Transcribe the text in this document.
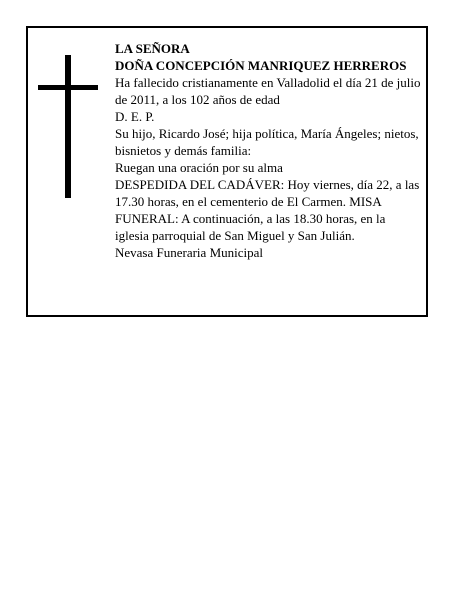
LA SEÑORA

DOÑA CONCEPCIÓN MANRIQUEZ HERREROS

Ha fallecido cristianamente en Valladolid el día 21 de julio de 2011, a los 102 años de edad

D. E. P.

Su hijo, Ricardo José; hija política, María Ángeles; nietos, bisnietos y demás familia:

Ruegan una oración por su alma

DESPEDIDA DEL CADÁVER: Hoy viernes, día 22, a las 17.30 horas, en el cementerio de El Carmen. MISA FUNERAL: A continuación, a las 18.30 horas, en la iglesia parroquial de San Miguel y San Julián.

Nevasa Funeraria Municipal
